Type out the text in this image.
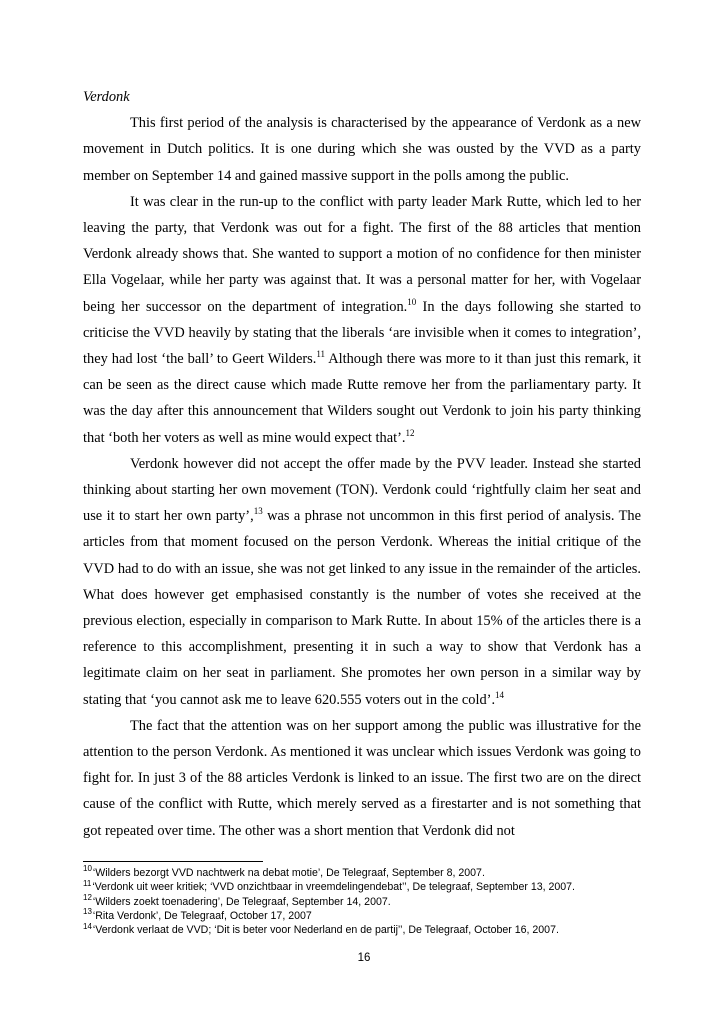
Verdonk

This first period of the analysis is characterised by the appearance of Verdonk as a new movement in Dutch politics. It is one during which she was ousted by the VVD as a party member on September 14 and gained massive support in the polls among the public.

It was clear in the run-up to the conflict with party leader Mark Rutte, which led to her leaving the party, that Verdonk was out for a fight. The first of the 88 articles that mention Verdonk already shows that. She wanted to support a motion of no confidence for then minister Ella Vogelaar, while her party was against that. It was a personal matter for her, with Vogelaar being her successor on the department of integration.$^{10}$ In the days following she started to criticise the VVD heavily by stating that the liberals ‘are invisible when it comes to integration’, they had lost ‘the ball’ to Geert Wilders.$^{11}$ Although there was more to it than just this remark, it can be seen as the direct cause which made Rutte remove her from the parliamentary party. It was the day after this announcement that Wilders sought out Verdonk to join his party thinking that ‘both her voters as well as mine would expect that’.$^{12}$

Verdonk however did not accept the offer made by the PVV leader. Instead she started thinking about starting her own movement (TON). Verdonk could ‘rightfully claim her seat and use it to start her own party’,$^{13}$ was a phrase not uncommon in this first period of analysis. The articles from that moment focused on the person Verdonk. Whereas the initial critique of the VVD had to do with an issue, she was not get linked to any issue in the remainder of the articles. What does however get emphasised constantly is the number of votes she received at the previous election, especially in comparison to Mark Rutte. In about 15% of the articles there is a reference to this accomplishment, presenting it in such a way to show that Verdonk has a legitimate claim on her seat in parliament. She promotes her own person in a similar way by stating that ‘you cannot ask me to leave 620.555 voters out in the cold’.$^{14}$

The fact that the attention was on her support among the public was illustrative for the attention to the person Verdonk. As mentioned it was unclear which issues Verdonk was going to fight for. In just 3 of the 88 articles Verdonk is linked to an issue. The first two are on the direct cause of the conflict with Rutte, which merely served as a firestarter and is not something that got repeated over time. The other was a short mention that Verdonk did not

$^{10}$‘Wilders bezorgt VVD nachtwerk na debat motie’, De Telegraaf, September 8, 2007.

$^{11}$‘Verdonk uit weer kritiek; ‘VVD onzichtbaar in vreemdelingendebat’’, De telegraaf, September 13, 2007.

$^{12}$‘Wilders zoekt toenadering’, De Telegraaf, September 14, 2007.

$^{13}$‘Rita Verdonk’, De Telegraaf, October 17, 2007

$^{14}$‘Verdonk verlaat de VVD; ‘Dit is beter voor Nederland en de partij’’, De Telegraaf, October 16, 2007.

16
